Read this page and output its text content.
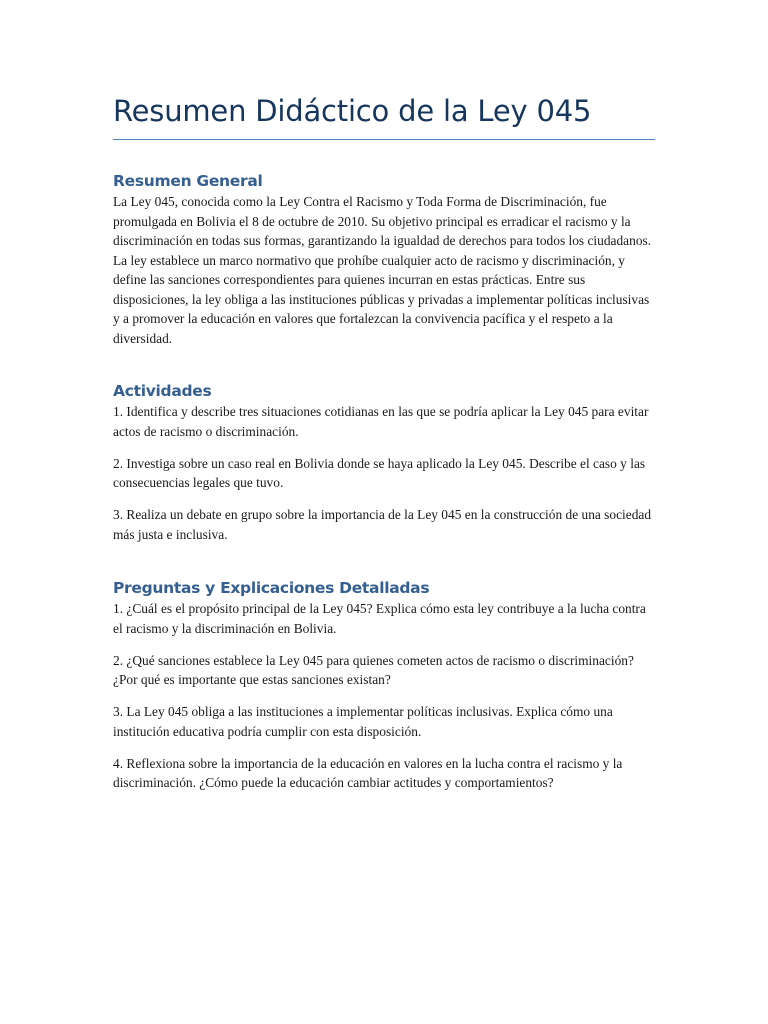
Resumen Didáctico de la Ley 045
Resumen General

La Ley 045, conocida como la Ley Contra el Racismo y Toda Forma de Discriminación, fue promulgada en Bolivia el 8 de octubre de 2010. Su objetivo principal es erradicar el racismo y la discriminación en todas sus formas, garantizando la igualdad de derechos para todos los ciudadanos. La ley establece un marco normativo que prohíbe cualquier acto de racismo y discriminación, y define las sanciones correspondientes para quienes incurran en estas prácticas. Entre sus disposiciones, la ley obliga a las instituciones públicas y privadas a implementar políticas inclusivas y a promover la educación en valores que fortalezcan la convivencia pacífica y el respeto a la diversidad.

Actividades

1. Identifica y describe tres situaciones cotidianas en las que se podría aplicar la Ley 045 para evitar actos de racismo o discriminación.

2. Investiga sobre un caso real en Bolivia donde se haya aplicado la Ley 045. Describe el caso y las consecuencias legales que tuvo.

3. Realiza un debate en grupo sobre la importancia de la Ley 045 en la construcción de una sociedad más justa e inclusiva.

Preguntas y Explicaciones Detalladas

1. ¿Cuál es el propósito principal de la Ley 045? Explica cómo esta ley contribuye a la lucha contra el racismo y la discriminación en Bolivia.

2. ¿Qué sanciones establece la Ley 045 para quienes cometen actos de racismo o discriminación? ¿Por qué es importante que estas sanciones existan?

3. La Ley 045 obliga a las instituciones a implementar políticas inclusivas. Explica cómo una institución educativa podría cumplir con esta disposición.

4. Reflexiona sobre la importancia de la educación en valores en la lucha contra el racismo y la discriminación. ¿Cómo puede la educación cambiar actitudes y comportamientos?
